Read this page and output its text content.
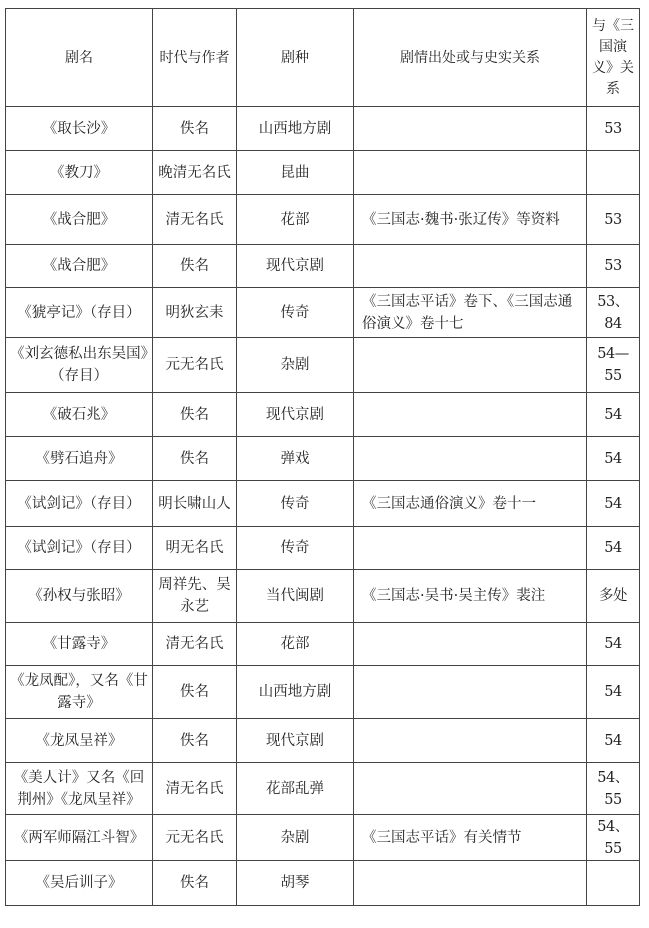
剧名	时代与作者	剧种	剧情出处或与史实关系	与《三国演义》关系
《取长沙》	佚名	山西地方剧		53
《教刀》	晚清无名氏	昆曲		
《战合肥》	清无名氏	花部	《三国志·魏书·张辽传》等资料	53
《战合肥》	佚名	现代京剧		53
《猇亭记》（存目）	明狄玄耒	传奇	《三国志平话》卷下、《三国志通俗演义》卷十七	53、84
《刘玄德私出东吴国》（存目）	元无名氏	杂剧		54—55
《破石兆》	佚名	现代京剧		54
《劈石追舟》	佚名	弹戏		54
《试剑记》（存目）	明长啸山人	传奇	《三国志通俗演义》卷十一	54
《试剑记》（存目）	明无名氏	传奇		54
《孙权与张昭》	周祥先、吴永艺	当代闽剧	《三国志·吴书·吴主传》裴注	多处
《甘露寺》	清无名氏	花部		54
《龙凤配》，又名《甘露寺》	佚名	山西地方剧		54
《龙凤呈祥》	佚名	现代京剧		54
《美人计》又名《回荆州》《龙凤呈祥》	清无名氏	花部乱弹		54、55
《两军师隔江斗智》	元无名氏	杂剧	《三国志平话》有关情节	54、55
《吴后训子》	佚名	胡琴		
